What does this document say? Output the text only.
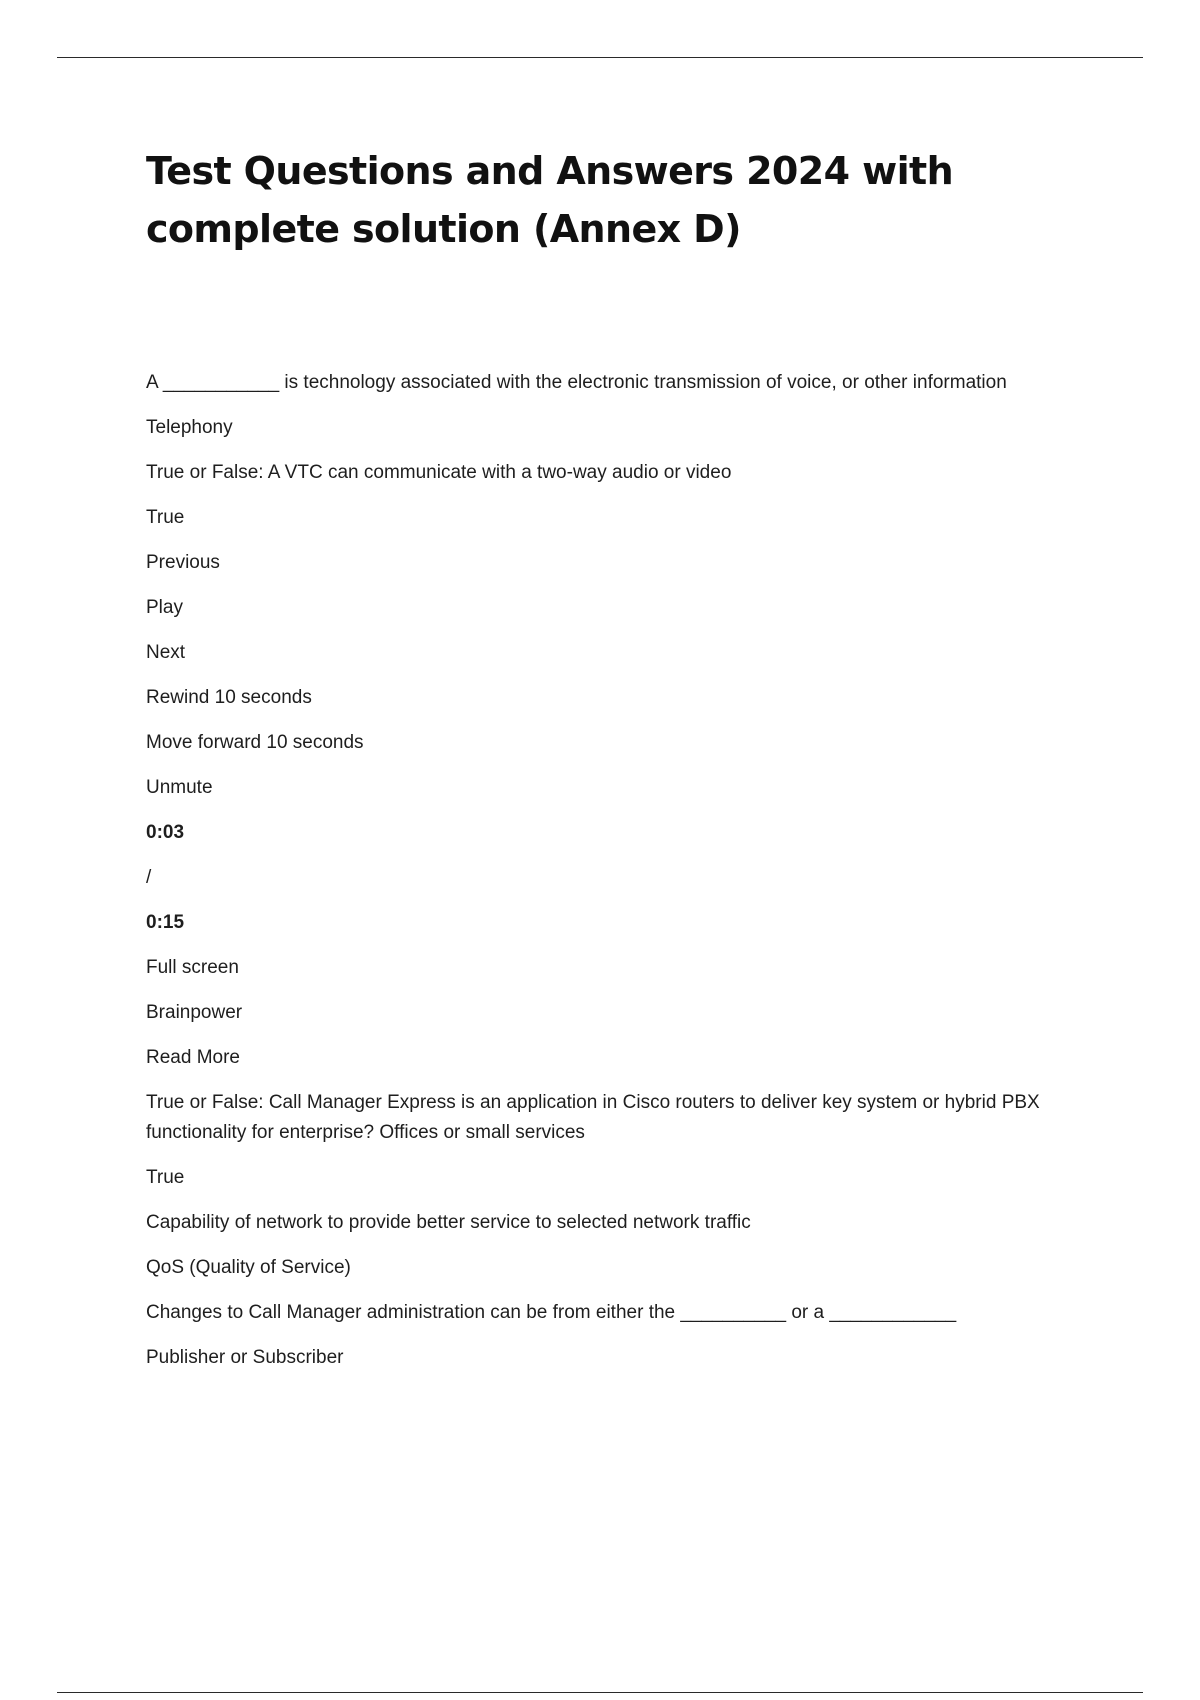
Test Questions and Answers 2024 with complete solution (Annex D)

A ___________ is technology associated with the electronic transmission of voice, or other information

Telephony

True or False: A VTC can communicate with a two-way audio or video

True

Previous

Play

Next

Rewind 10 seconds

Move forward 10 seconds

Unmute

0:03

/

0:15

Full screen

Brainpower

Read More

True or False: Call Manager Express is an application in Cisco routers to deliver key system or hybrid PBX functionality for enterprise? Offices or small services

True

Capability of network to provide better service to selected network traffic

QoS (Quality of Service)

Changes to Call Manager administration can be from either the __________ or a ____________

Publisher or Subscriber
